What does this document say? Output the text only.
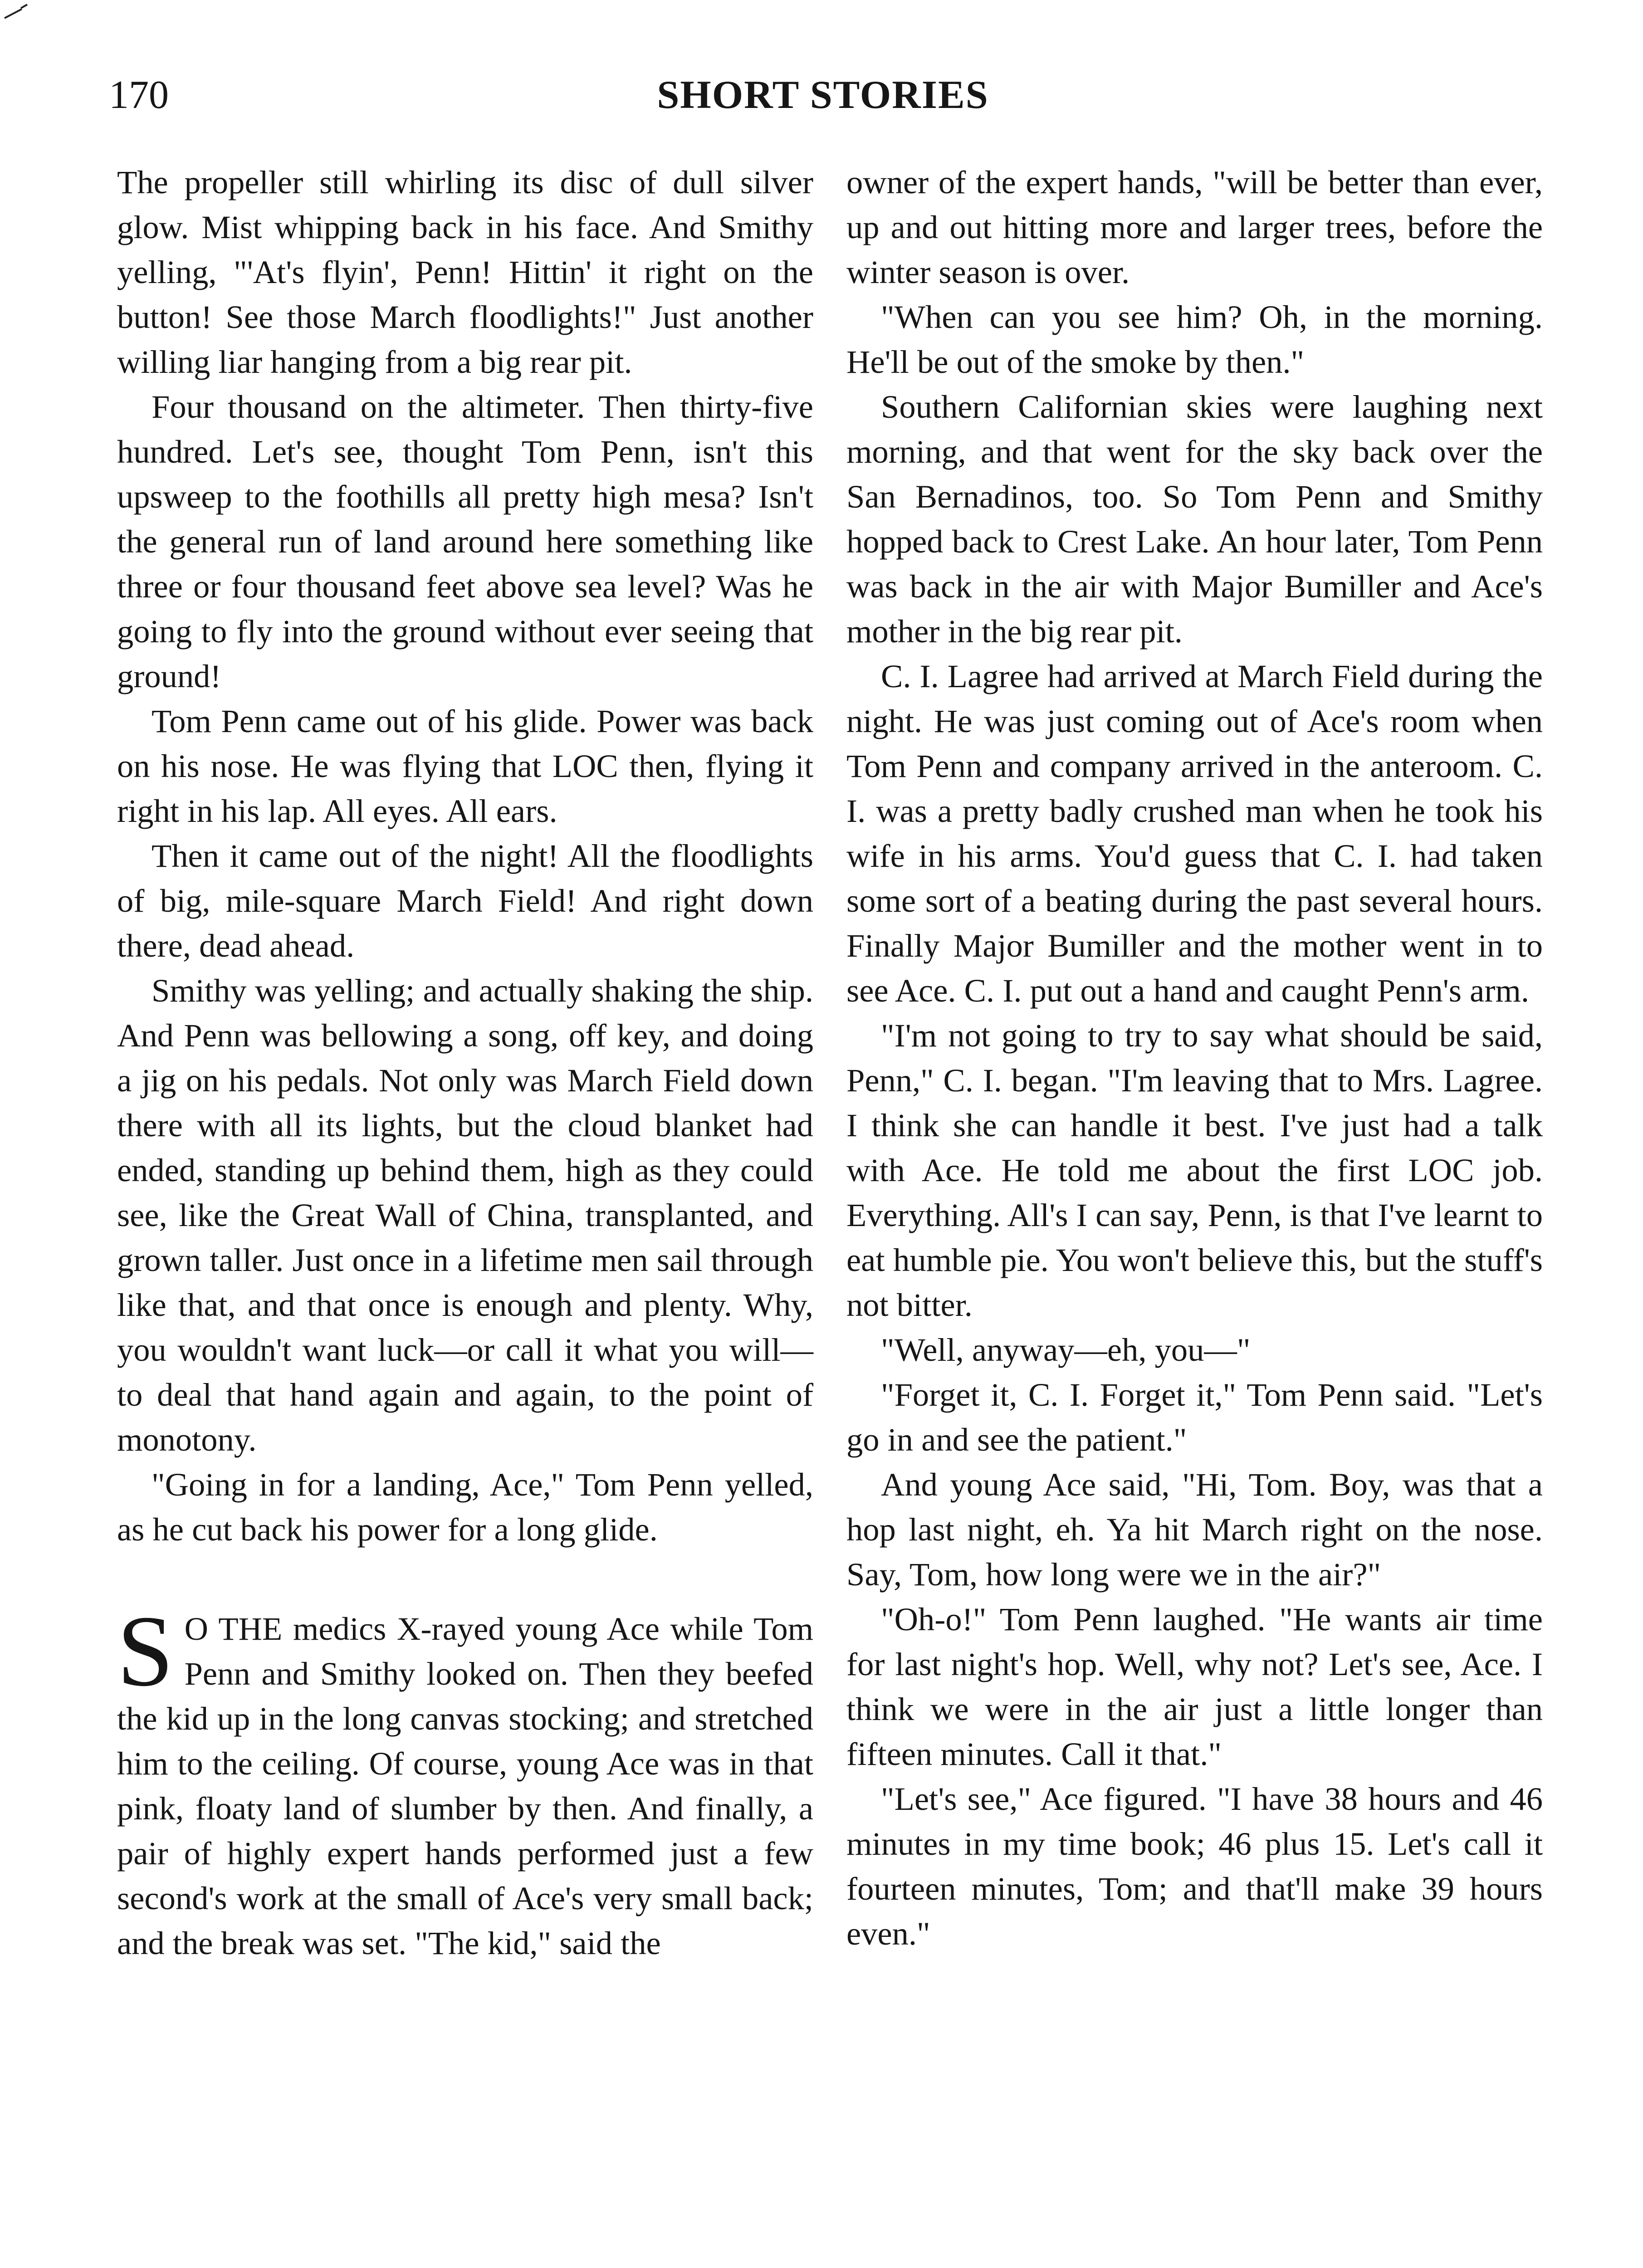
170	SHORT STORIES

The propeller still whirling its disc of dull silver glow. Mist whipping back in his face. And Smithy yelling, "'At's flyin', Penn! Hittin' it right on the button! See those March floodlights!" Just another willing liar hanging from a big rear pit.

Four thousand on the altimeter. Then thirty-five hundred. Let's see, thought Tom Penn, isn't this upsweep to the foothills all pretty high mesa? Isn't the general run of land around here something like three or four thousand feet above sea level? Was he going to fly into the ground without ever seeing that ground!

Tom Penn came out of his glide. Power was back on his nose. He was flying that LOC then, flying it right in his lap. All eyes. All ears.

Then it came out of the night! All the floodlights of big, mile-square March Field! And right down there, dead ahead.

Smithy was yelling; and actually shaking the ship. And Penn was bellowing a song, off key, and doing a jig on his pedals. Not only was March Field down there with all its lights, but the cloud blanket had ended, standing up behind them, high as they could see, like the Great Wall of China, transplanted, and grown taller. Just once in a lifetime men sail through like that, and that once is enough and plenty. Why, you wouldn't want luck—or call it what you will—to deal that hand again and again, to the point of monotony.

"Going in for a landing, Ace," Tom Penn yelled, as he cut back his power for a long glide.

S O THE medics X-rayed young Ace while Tom Penn and Smithy looked on. Then they beefed the kid up in the long canvas stocking; and stretched him to the ceiling. Of course, young Ace was in that pink, floaty land of slumber by then. And finally, a pair of highly expert hands performed just a few second's work at the small of Ace's very small back; and the break was set. "The kid," said the

owner of the expert hands, "will be better than ever, up and out hitting more and larger trees, before the winter season is over.

"When can you see him? Oh, in the morning. He'll be out of the smoke by then."

Southern Californian skies were laughing next morning, and that went for the sky back over the San Bernadinos, too. So Tom Penn and Smithy hopped back to Crest Lake. An hour later, Tom Penn was back in the air with Major Bumiller and Ace's mother in the big rear pit.

C. I. Lagree had arrived at March Field during the night. He was just coming out of Ace's room when Tom Penn and company arrived in the anteroom. C. I. was a pretty badly crushed man when he took his wife in his arms. You'd guess that C. I. had taken some sort of a beating during the past several hours. Finally Major Bumiller and the mother went in to see Ace. C. I. put out a hand and caught Penn's arm.

"I'm not going to try to say what should be said, Penn," C. I. began. "I'm leaving that to Mrs. Lagree. I think she can handle it best. I've just had a talk with Ace. He told me about the first LOC job. Everything. All's I can say, Penn, is that I've learnt to eat humble pie. You won't believe this, but the stuff's not bitter.

"Well, anyway—eh, you—"

"Forget it, C. I. Forget it," Tom Penn said. "Let's go in and see the patient."

And young Ace said, "Hi, Tom. Boy, was that a hop last night, eh. Ya hit March right on the nose. Say, Tom, how long were we in the air?"

"Oh-o!" Tom Penn laughed. "He wants air time for last night's hop. Well, why not? Let's see, Ace. I think we were in the air just a little longer than fifteen minutes. Call it that."

"Let's see," Ace figured. "I have 38 hours and 46 minutes in my time book; 46 plus 15. Let's call it fourteen minutes, Tom; and that'll make 39 hours even."
